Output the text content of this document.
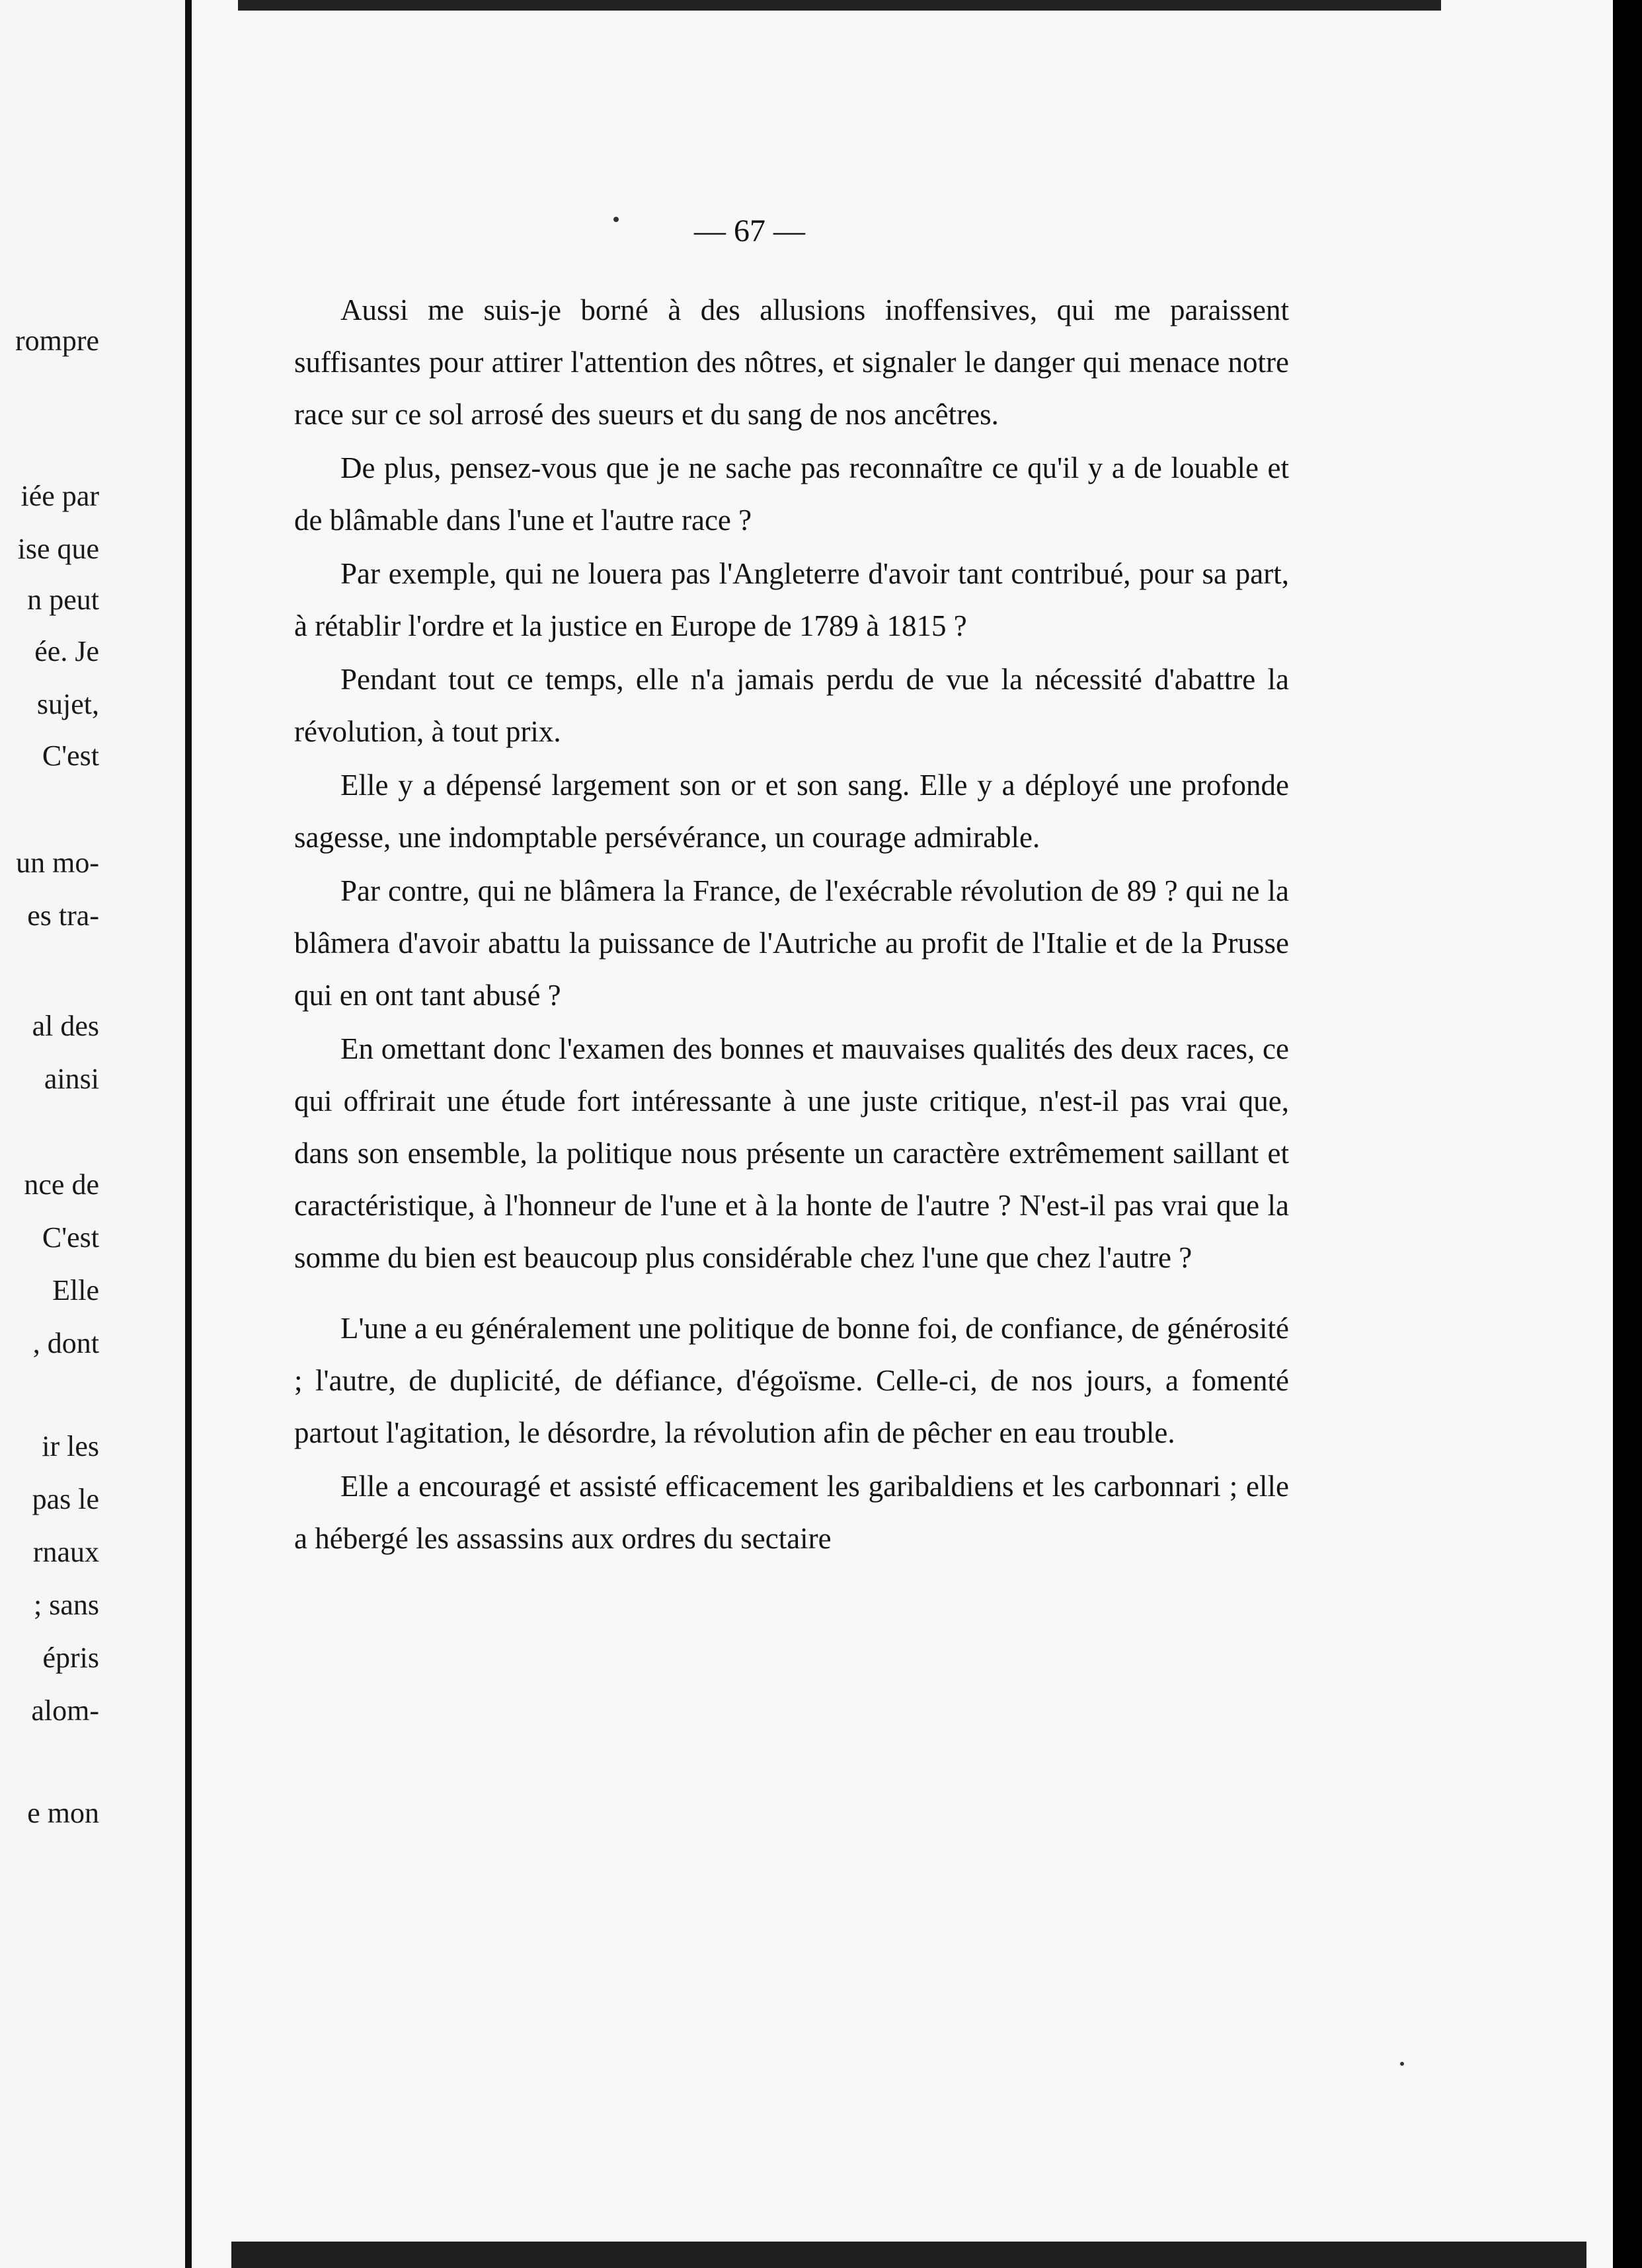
rompre
iée par
ise que
n peut
ée. Je
sujet,
C'est
un mo-
es tra-
al des
ainsi
nce de
C'est
Elle
, dont
ir les
pas le
rnaux
; sans
épris
alom-
e mon
— 67 —

Aussi me suis-je borné à des allusions inoffensives, qui me paraissent suffisantes pour attirer l'attention des nôtres, et signaler le danger qui menace notre race sur ce sol arrosé des sueurs et du sang de nos ancêtres.

De plus, pensez-vous que je ne sache pas reconnaître ce qu'il y a de louable et de blâmable dans l'une et l'autre race ?

Par exemple, qui ne louera pas l'Angleterre d'avoir tant contribué, pour sa part, à rétablir l'ordre et la justice en Europe de 1789 à 1815 ?

Pendant tout ce temps, elle n'a jamais perdu de vue la nécessité d'abattre la révolution, à tout prix.

Elle y a dépensé largement son or et son sang. Elle y a déployé une profonde sagesse, une indomptable persévérance, un courage admirable.

Par contre, qui ne blâmera la France, de l'exécrable révolution de 89 ? qui ne la blâmera d'avoir abattu la puissance de l'Autriche au profit de l'Italie et de la Prusse qui en ont tant abusé ?

En omettant donc l'examen des bonnes et mauvaises qualités des deux races, ce qui offrirait une étude fort intéressante à une juste critique, n'est-il pas vrai que, dans son ensemble, la politique nous présente un caractère extrêmement saillant et caractéristique, à l'honneur de l'une et à la honte de l'autre ? N'est-il pas vrai que la somme du bien est beaucoup plus considérable chez l'une que chez l'autre ?

L'une a eu généralement une politique de bonne foi, de confiance, de générosité ; l'autre, de duplicité, de défiance, d'égoïsme. Celle-ci, de nos jours, a fomenté partout l'agitation, le désordre, la révolution afin de pêcher en eau trouble.

Elle a encouragé et assisté efficacement les garibaldiens et les carbonnari ; elle a hébergé les assassins aux ordres du sectaire
